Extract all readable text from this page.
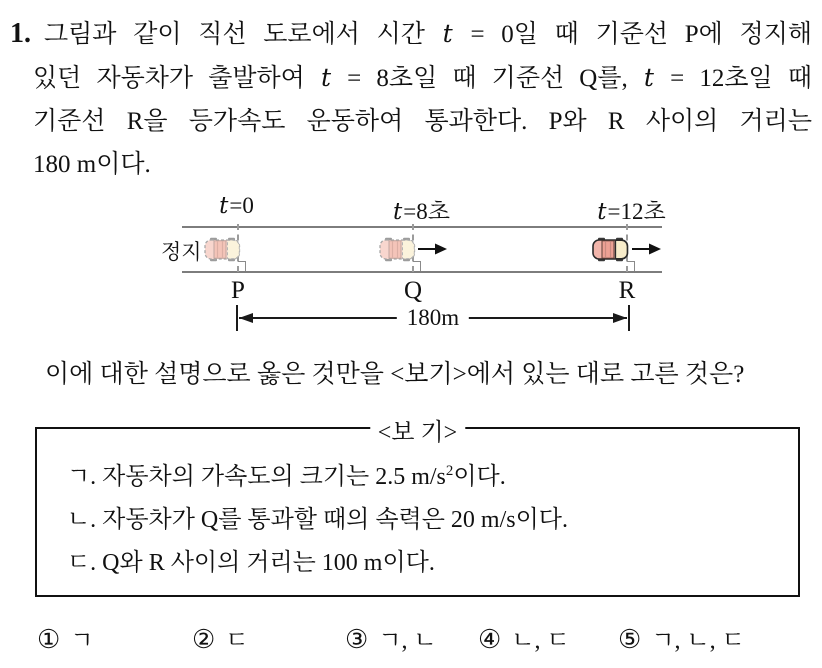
1. 그림과 같이 직선 도로에서 시간 t = 0일 때 기준선 P에 정지해
있던 자동차가 출발하여 t = 8초일 때 기준선 Q를, t = 12초일 때
기준선 R을 등가속도 운동하여 통과한다. P와 R 사이의 거리는
180 m이다.
t=0	t=8초	t=12초
정지
P	Q	R
180m
이에 대한 설명으로 옳은 것만을 <보기>에서 있는 대로 고른 것은?
<보 기>
ㄱ. 자동차의 가속도의 크기는 2.5 $m/s^2$이다.
ㄴ. 자동차가 Q를 통과할 때의 속력은 20 m/s이다.
ㄷ. Q와 R 사이의 거리는 100 m이다.
① ㄱ	② ㄷ	③ ㄱ, ㄴ ④ ㄴ, ㄷ ⑤ ㄱ, ㄴ, ㄷ
